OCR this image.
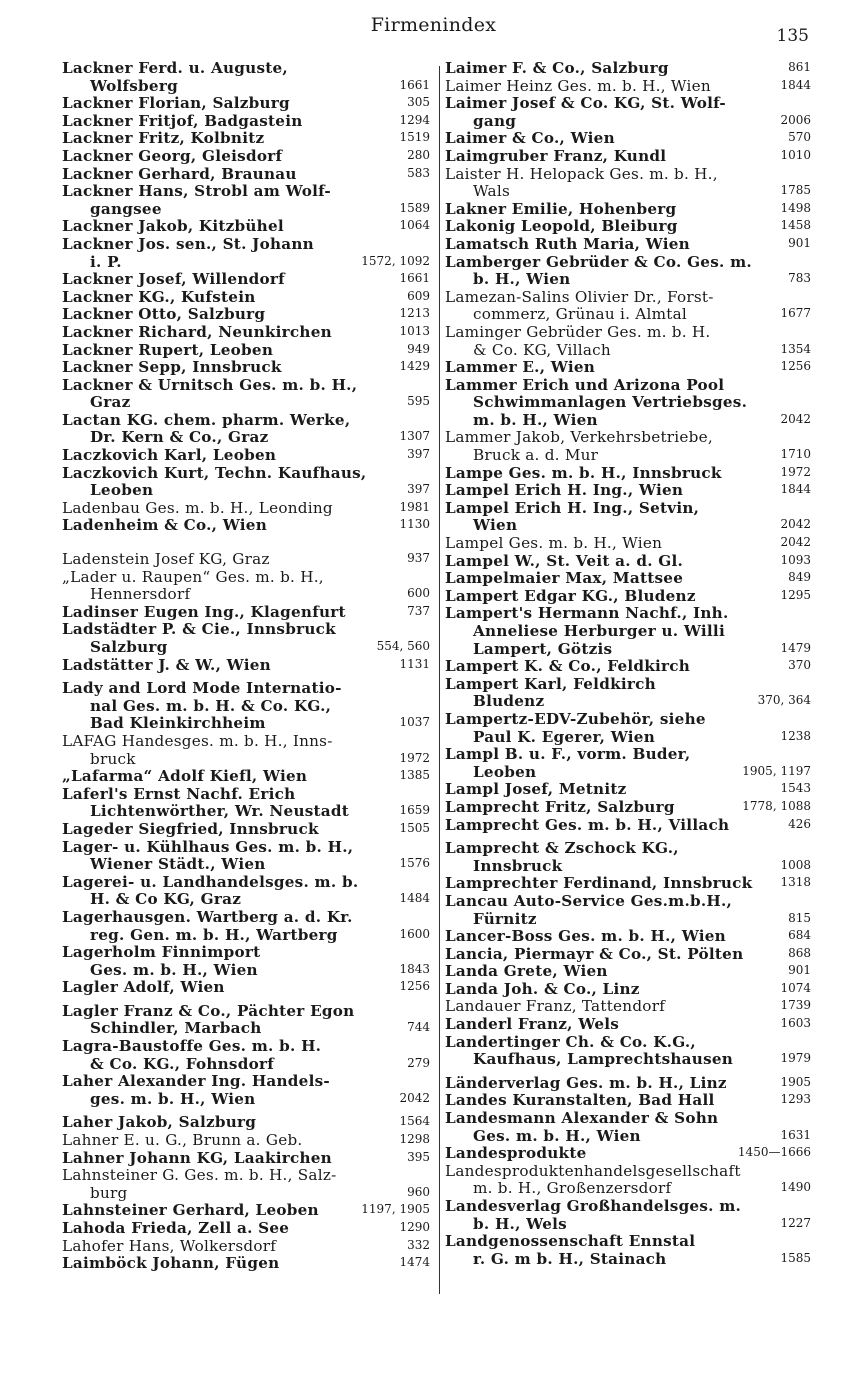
Firmenindex	135
Lackner Ferd. u. Auguste,
Wolfsberg	1661
Lackner Florian, Salzburg	305
Lackner Fritjof, Badgastein	1294
Lackner Fritz, Kolbnitz	1519
Lackner Georg, Gleisdorf	280
Lackner Gerhard, Braunau	583
Lackner Hans, Strobl am Wolf-
gangsee	1589
Lackner Jakob, Kitzbühel	1064
Lackner Jos. sen., St. Johann
i. P.	1572, 1092
Lackner Josef, Willendorf	1661
Lackner KG., Kufstein	609
Lackner Otto, Salzburg	1213
Lackner Richard, Neunkirchen	1013
Lackner Rupert, Leoben	949
Lackner Sepp, Innsbruck	1429
Lackner & Urnitsch Ges. m. b. H.,
Graz	595
Lactan KG. chem. pharm. Werke,
Dr. Kern & Co., Graz	1307
Laczkovich Karl, Leoben	397
Laczkovich Kurt, Techn. Kaufhaus,
Leoben	397
Ladenbau Ges. m. b. H., Leonding	1981
Ladenheim & Co., Wien	1130
Ladenstein Josef KG, Graz	937
„Lader u. Raupen“ Ges. m. b. H.,
Hennersdorf	600
Ladinser Eugen Ing., Klagenfurt	737
Ladstädter P. & Cie., Innsbruck
Salzburg	554, 560
Ladstätter J. & W., Wien	1131
Lady and Lord Mode Internatio-
nal Ges. m. b. H. & Co. KG.,
Bad Kleinkirchheim	1037
LAFAG Handesges. m. b. H., Inns-
bruck	1972
„Lafarma“ Adolf Kiefl, Wien	1385
Laferl's Ernst Nachf. Erich
Lichtenwörther, Wr. Neustadt	1659
Lageder Siegfried, Innsbruck	1505
Lager- u. Kühlhaus Ges. m. b. H.,
Wiener Städt., Wien	1576
Lagerei- u. Landhandelsges. m. b.
H. & Co KG, Graz	1484
Lagerhausgen. Wartberg a. d. Kr.
reg. Gen. m. b. H., Wartberg	1600
Lagerholm Finnimport
Ges. m. b. H., Wien	1843
Lagler Adolf, Wien	1256
Lagler Franz & Co., Pächter Egon
Schindler, Marbach	744
Lagra-Baustoffe Ges. m. b. H.
& Co. KG., Fohnsdorf	279
Laher Alexander Ing. Handels-
ges. m. b. H., Wien	2042
Laher Jakob, Salzburg	1564
Lahner E. u. G., Brunn a. Geb.	1298
Lahner Johann KG, Laakirchen	395
Lahnsteiner G. Ges. m. b. H., Salz-
burg	960
Lahnsteiner Gerhard, Leoben	1197, 1905
Lahoda Frieda, Zell a. See	1290
Lahofer Hans, Wolkersdorf	332
Laimböck Johann, Fügen	1474
Laimer F. & Co., Salzburg	861
Laimer Heinz Ges. m. b. H., Wien	1844
Laimer Josef & Co. KG, St. Wolf-
gang	2006
Laimer & Co., Wien	570
Laimgruber Franz, Kundl	1010
Laister H. Helopack Ges. m. b. H.,
Wals	1785
Lakner Emilie, Hohenberg	1498
Lakonig Leopold, Bleiburg	1458
Lamatsch Ruth Maria, Wien	901
Lamberger Gebrüder & Co. Ges. m.
b. H., Wien	783
Lamezan-Salins Olivier Dr., Forst-
commerz, Grünau i. Almtal	1677
Laminger Gebrüder Ges. m. b. H.
& Co. KG, Villach	1354
Lammer E., Wien	1256
Lammer Erich und Arizona Pool
Schwimmanlagen Vertriebsges.
m. b. H., Wien	2042
Lammer Jakob, Verkehrsbetriebe,
Bruck a. d. Mur	1710
Lampe Ges. m. b. H., Innsbruck	1972
Lampel Erich H. Ing., Wien	1844
Lampel Erich H. Ing., Setvin,
Wien	2042
Lampel Ges. m. b. H., Wien	2042
Lampel W., St. Veit a. d. Gl.	1093
Lampelmaier Max, Mattsee	849
Lampert Edgar KG., Bludenz	1295
Lampert's Hermann Nachf., Inh.
Anneliese Herburger u. Willi
Lampert, Götzis	1479
Lampert K. & Co., Feldkirch	370
Lampert Karl, Feldkirch
Bludenz	370, 364
Lampertz-EDV-Zubehör, siehe
Paul K. Egerer, Wien	1238
Lampl B. u. F., vorm. Buder,
Leoben	1905, 1197
Lampl Josef, Metnitz	1543
Lamprecht Fritz, Salzburg	1778, 1088
Lamprecht Ges. m. b. H., Villach	426
Lamprecht & Zschock KG.,
Innsbruck	1008
Lamprechter Ferdinand, Innsbruck 1318
Lancau Auto-Service Ges.m.b.H.,
Fürnitz	815
Lancer-Boss Ges. m. b. H., Wien	684
Lancia, Piermayr & Co., St. Pölten	868
Landa Grete, Wien	901
Landa Joh. & Co., Linz	1074
Landauer Franz, Tattendorf	1739
Landerl Franz, Wels	1603
Landertinger Ch. & Co. K.G.,
Kaufhaus, Lamprechtshausen	1979
Länderverlag Ges. m. b. H., Linz	1905
Landes Kuranstalten, Bad Hall	1293
Landesmann Alexander & Sohn
Ges. m. b. H., Wien	1631
Landesprodukte	1450—1666
Landesproduktenhandelsgesellschaft
m. b. H., Großenzersdorf	1490
Landesverlag Großhandelsges. m.
b. H., Wels	1227
Landgenossenschaft Ennstal
r. G. m b. H., Stainach	1585
